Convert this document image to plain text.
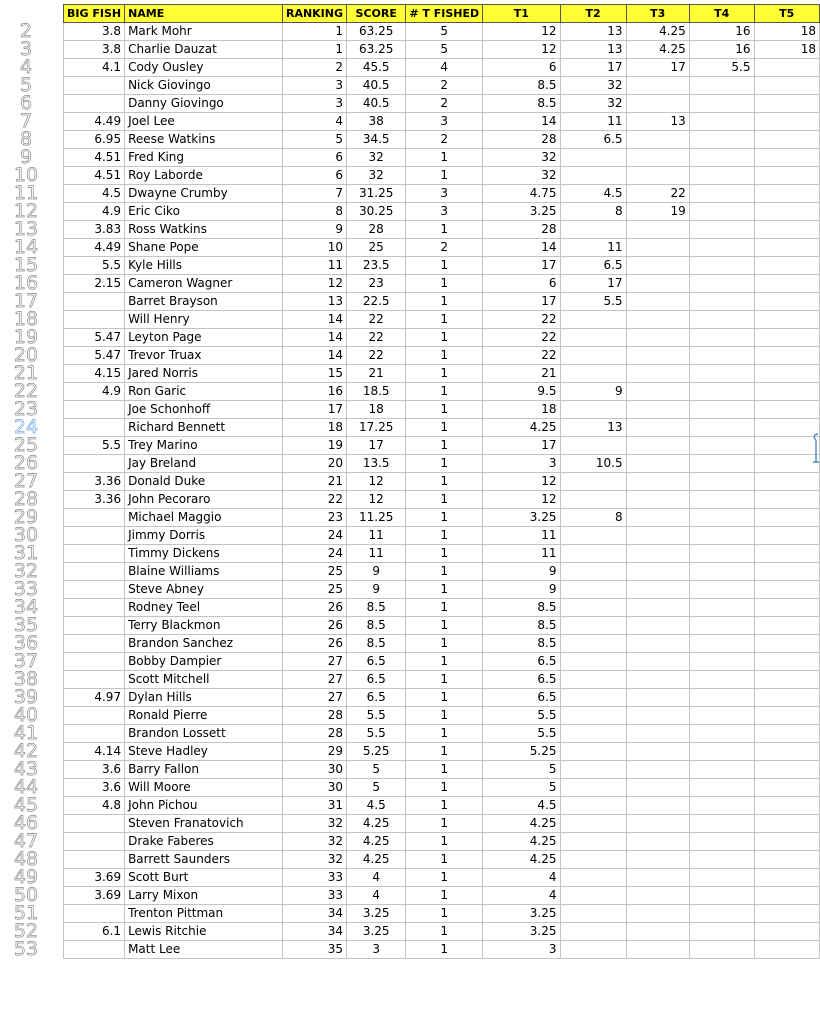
2
3
4
5
6
7
8
9
10
11
12
13
14
15
16
17
18
19
20
21
22
23
24
25
26
27
28
29
30
31
32
33
34
35
36
37
38
39
40
41
42
43
44
45
46
47
48
49
50
51
52
53
BIG FISH	NAME	RANKING	SCORE	# T FISHED	T1	T2	T3	T4	T5
3.8	Mark Mohr	1	63.25	5	12	13	4.25	16	18
3.8	Charlie Dauzat	1	63.25	5	12	13	4.25	16	18
4.1	Cody Ousley	2	45.5	4	6	17	17	5.5	
	Nick Giovingo	3	40.5	2	8.5	32			
	Danny Giovingo	3	40.5	2	8.5	32			
4.49	Joel Lee	4	38	3	14	11	13		
6.95	Reese Watkins	5	34.5	2	28	6.5			
4.51	Fred King	6	32	1	32				
4.51	Roy Laborde	6	32	1	32				
4.5	Dwayne Crumby	7	31.25	3	4.75	4.5	22		
4.9	Eric Ciko	8	30.25	3	3.25	8	19		
3.83	Ross Watkins	9	28	1	28				
4.49	Shane Pope	10	25	2	14	11			
5.5	Kyle Hills	11	23.5	1	17	6.5			
2.15	Cameron Wagner	12	23	1	6	17			
	Barret Brayson	13	22.5	1	17	5.5			
	Will Henry	14	22	1	22				
5.47	Leyton Page	14	22	1	22				
5.47	Trevor Truax	14	22	1	22				
4.15	Jared Norris	15	21	1	21				
4.9	Ron Garic	16	18.5	1	9.5	9			
	Joe Schonhoff	17	18	1	18				
	Richard Bennett	18	17.25	1	4.25	13			
5.5	Trey Marino	19	17	1	17				
	Jay Breland	20	13.5	1	3	10.5			
3.36	Donald Duke	21	12	1	12				
3.36	John Pecoraro	22	12	1	12				
	Michael Maggio	23	11.25	1	3.25	8			
	Jimmy Dorris	24	11	1	11				
	Timmy Dickens	24	11	1	11				
	Blaine Williams	25	9	1	9				
	Steve Abney	25	9	1	9				
	Rodney Teel	26	8.5	1	8.5				
	Terry Blackmon	26	8.5	1	8.5				
	Brandon Sanchez	26	8.5	1	8.5				
	Bobby Dampier	27	6.5	1	6.5				
	Scott Mitchell	27	6.5	1	6.5				
4.97	Dylan Hills	27	6.5	1	6.5				
	Ronald Pierre	28	5.5	1	5.5				
	Brandon Lossett	28	5.5	1	5.5				
4.14	Steve Hadley	29	5.25	1	5.25				
3.6	Barry Fallon	30	5	1	5				
3.6	Will Moore	30	5	1	5				
4.8	John Pichou	31	4.5	1	4.5				
	Steven Franatovich	32	4.25	1	4.25				
	Drake Faberes	32	4.25	1	4.25				
	Barrett Saunders	32	4.25	1	4.25				
3.69	Scott Burt	33	4	1	4				
3.69	Larry Mixon	33	4	1	4				
	Trenton Pittman	34	3.25	1	3.25				
6.1	Lewis Ritchie	34	3.25	1	3.25				
	Matt Lee	35	3	1	3				
